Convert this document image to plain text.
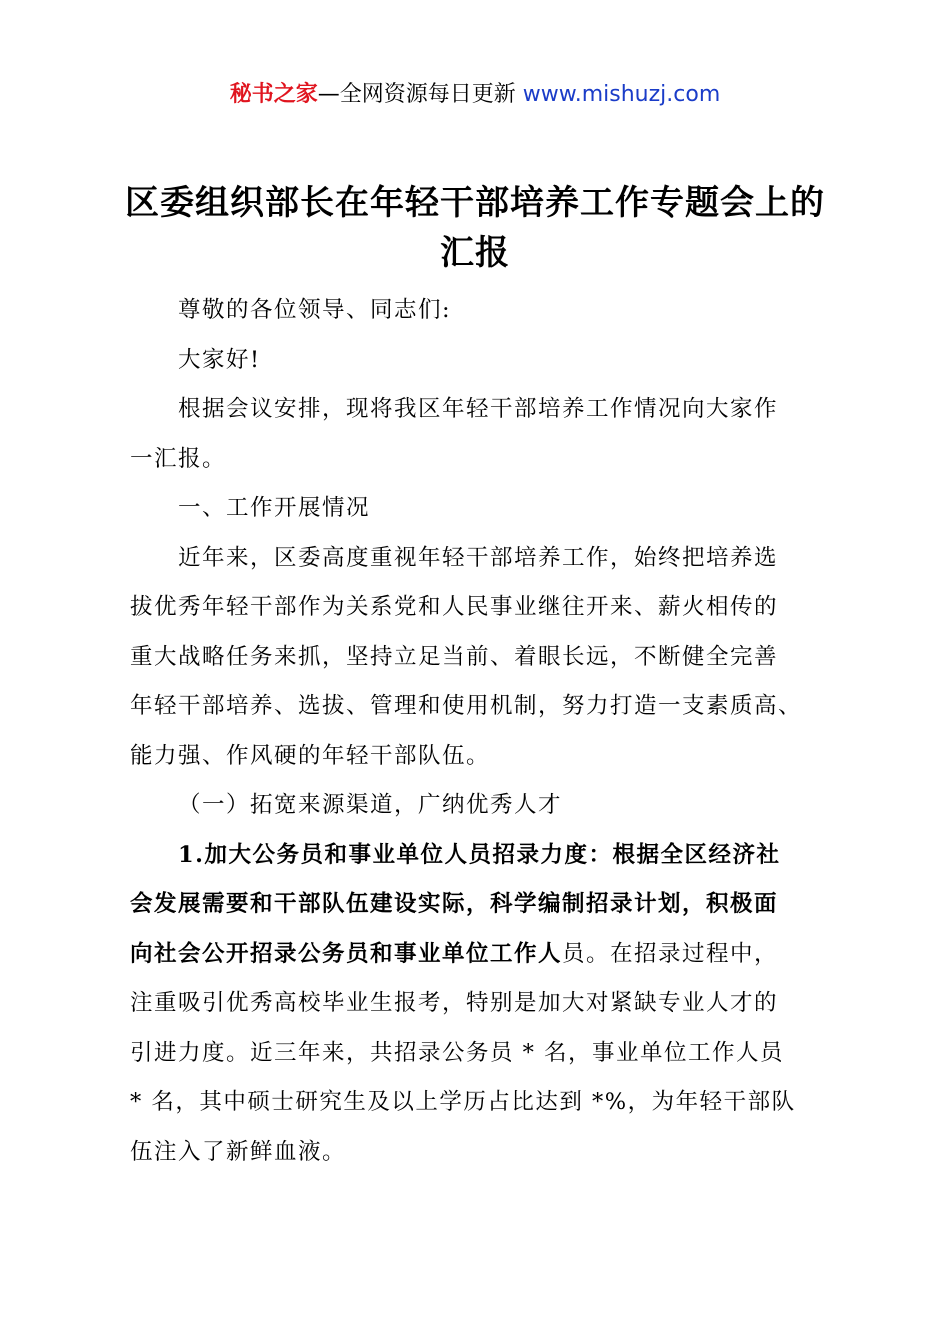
秘书之家—全网资源每日更新 www.mishuzj.com
区委组织部长在年轻干部培养工作专题会上的
汇报
尊敬的各位领导、同志们:
大家好!
根据会议安排，现将我区年轻干部培养工作情况向大家作
一汇报。
一、工作开展情况
近年来，区委高度重视年轻干部培养工作，始终把培养选
拔优秀年轻干部作为关系党和人民事业继往开来、薪火相传的
重大战略任务来抓，坚持立足当前、着眼长远，不断健全完善
年轻干部培养、选拔、管理和使用机制，努力打造一支素质高、
能力强、作风硬的年轻干部队伍。
（一）拓宽来源渠道，广纳优秀人才
1.加大公务员和事业单位人员招录力度：根据全区经济社
会发展需要和干部队伍建设实际，科学编制招录计划，积极面
向社会公开招录公务员和事业单位工作人员。在招录过程中，
注重吸引优秀高校毕业生报考，特别是加大对紧缺专业人才的
引进力度。近三年来，共招录公务员 * 名，事业单位工作人员
* 名，其中硕士研究生及以上学历占比达到 *%，为年轻干部队
伍注入了新鲜血液。
